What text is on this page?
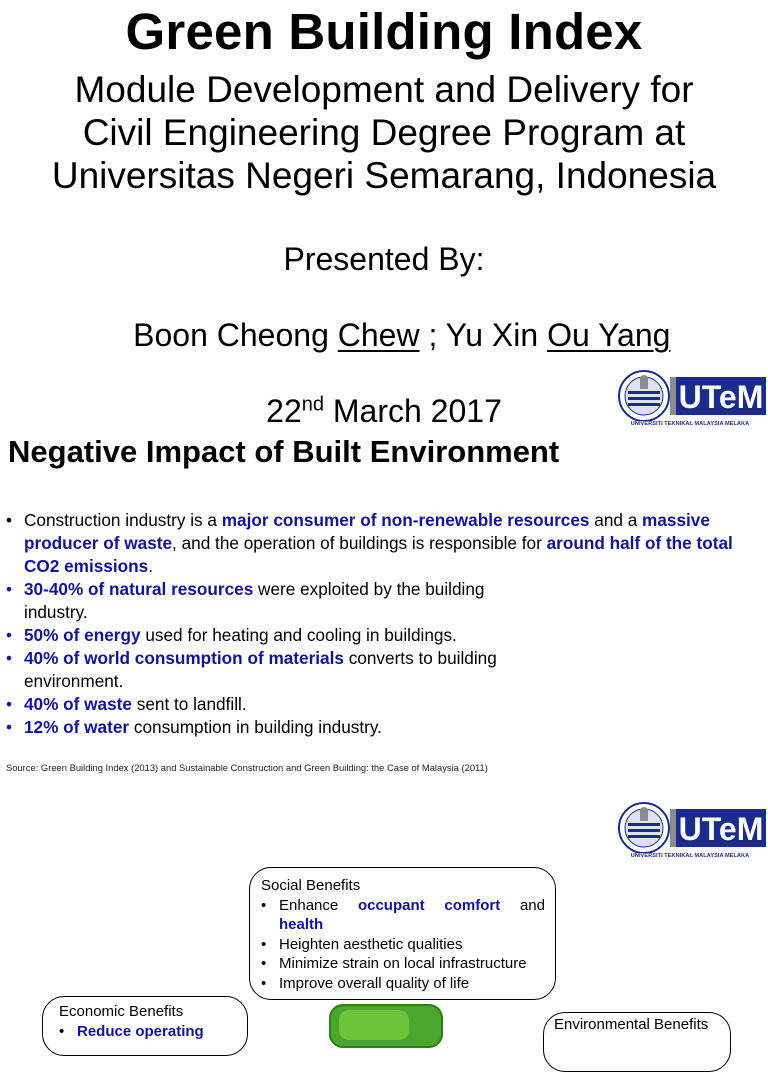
Green Building Index
Module Development and Delivery for
Civil Engineering Degree Program at
Universitas Negeri Semarang, Indonesia
Presented By:

Boon Cheong Chew ; Yu Xin Ou Yang

22nd March 2017	UTeM
UNIVERSITI TEKNIKAL MALAYSIA MELAKA
Negative Impact of Built Environment
• Construction industry is a major consumer of non-renewable resources and a massive producer of waste, and the operation of buildings is responsible for around half of the total CO2 emissions.
• 30-40% of natural resources were exploited by the building
industry.
• 50% of energy used for heating and cooling in buildings.
• 40% of world consumption of materials converts to building
environment.
• 40% of waste sent to landfill.
• 12% of water consumption in building industry.
Source: Green Building Index (2013) and Sustainable Construction and Green Building: the Case of Malaysia (2011)
UTeM
UNIVERSITI TEKNIKAL MALAYSIA MELAKA
Social Benefits
• Enhance occupant comfort and
health
• Heighten aesthetic qualities
• Minimize strain on local infrastructure
• Improve overall quality of life
Economic Benefits
• Reduce operating	Environmental Benefits
